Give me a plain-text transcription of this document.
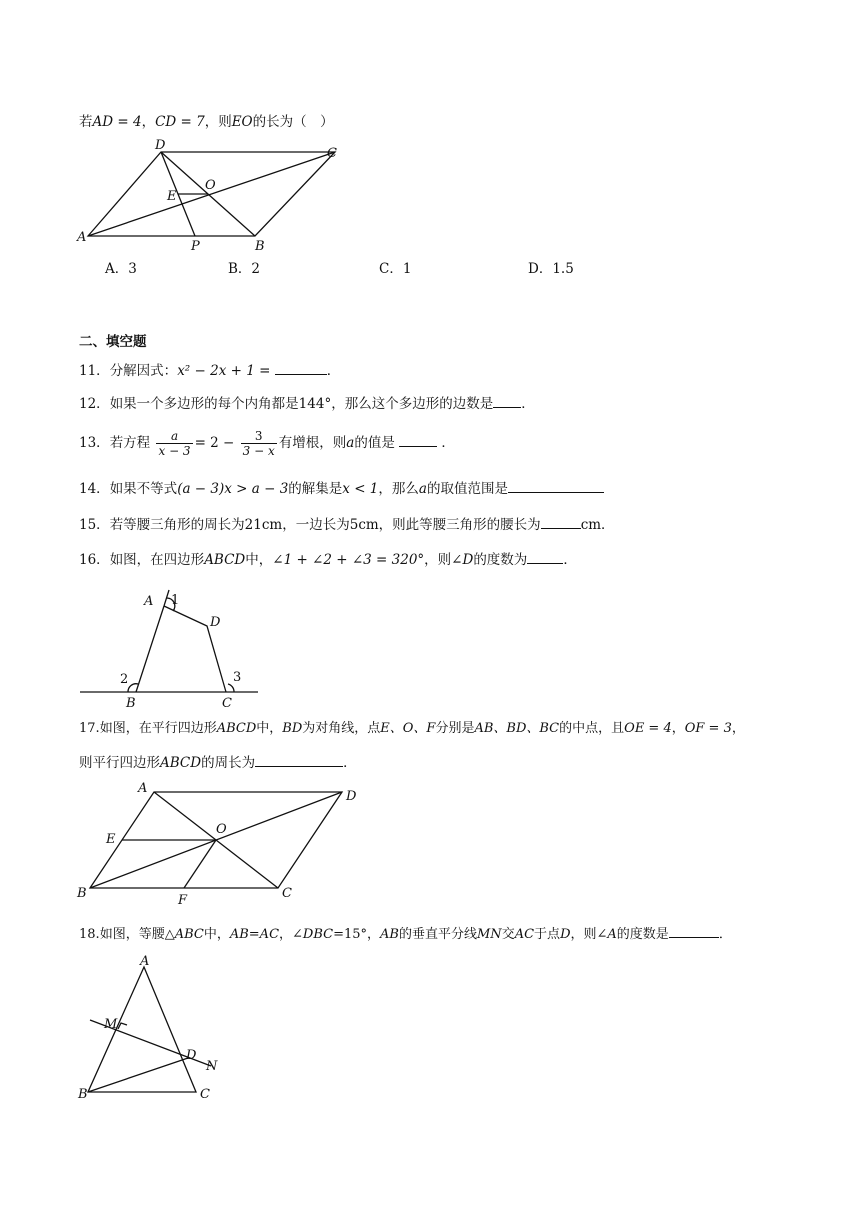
若AD = 4，CD = 7，则EO的长为（　）
A
B
C
D
E
O
P
A．3	B．2	C．1	D．1.5
二、填空题
11．分解因式：x² − 2x + 1 =	．
12．如果一个多边形的每个内角都是144°，那么这个多边形的边数是 ．
13．若方程 $\frac{a}{x - 3} = 2 - \frac{3}{3 - x}$ 有增根，则a的值是	．
14．如果不等式(a − 3)x > a − 3的解集是x < 1，那么a的取值范围是
15．若等腰三角形的周长为21cm，一边长为5cm，则此等腰三角形的腰长为	cm．
16．如图，在四边形ABCD中，∠1 + ∠2 + ∠3 = 320°，则∠D的度数为	．
A
D
B	C
1
2	3
17.如图，在平行四边形ABCD中，BD为对角线，点E、O、F分别是AB、BD、BC的中点，且OE = 4，OF = 3，
则平行四边形ABCD的周长为	．
A
D
E
O
B	F	C
18.如图，等腰△ABC中，AB=AC，∠DBC=15°，AB的垂直平分线MN交AC于点D，则∠A的度数是	．
A
M
D
N
B	C
